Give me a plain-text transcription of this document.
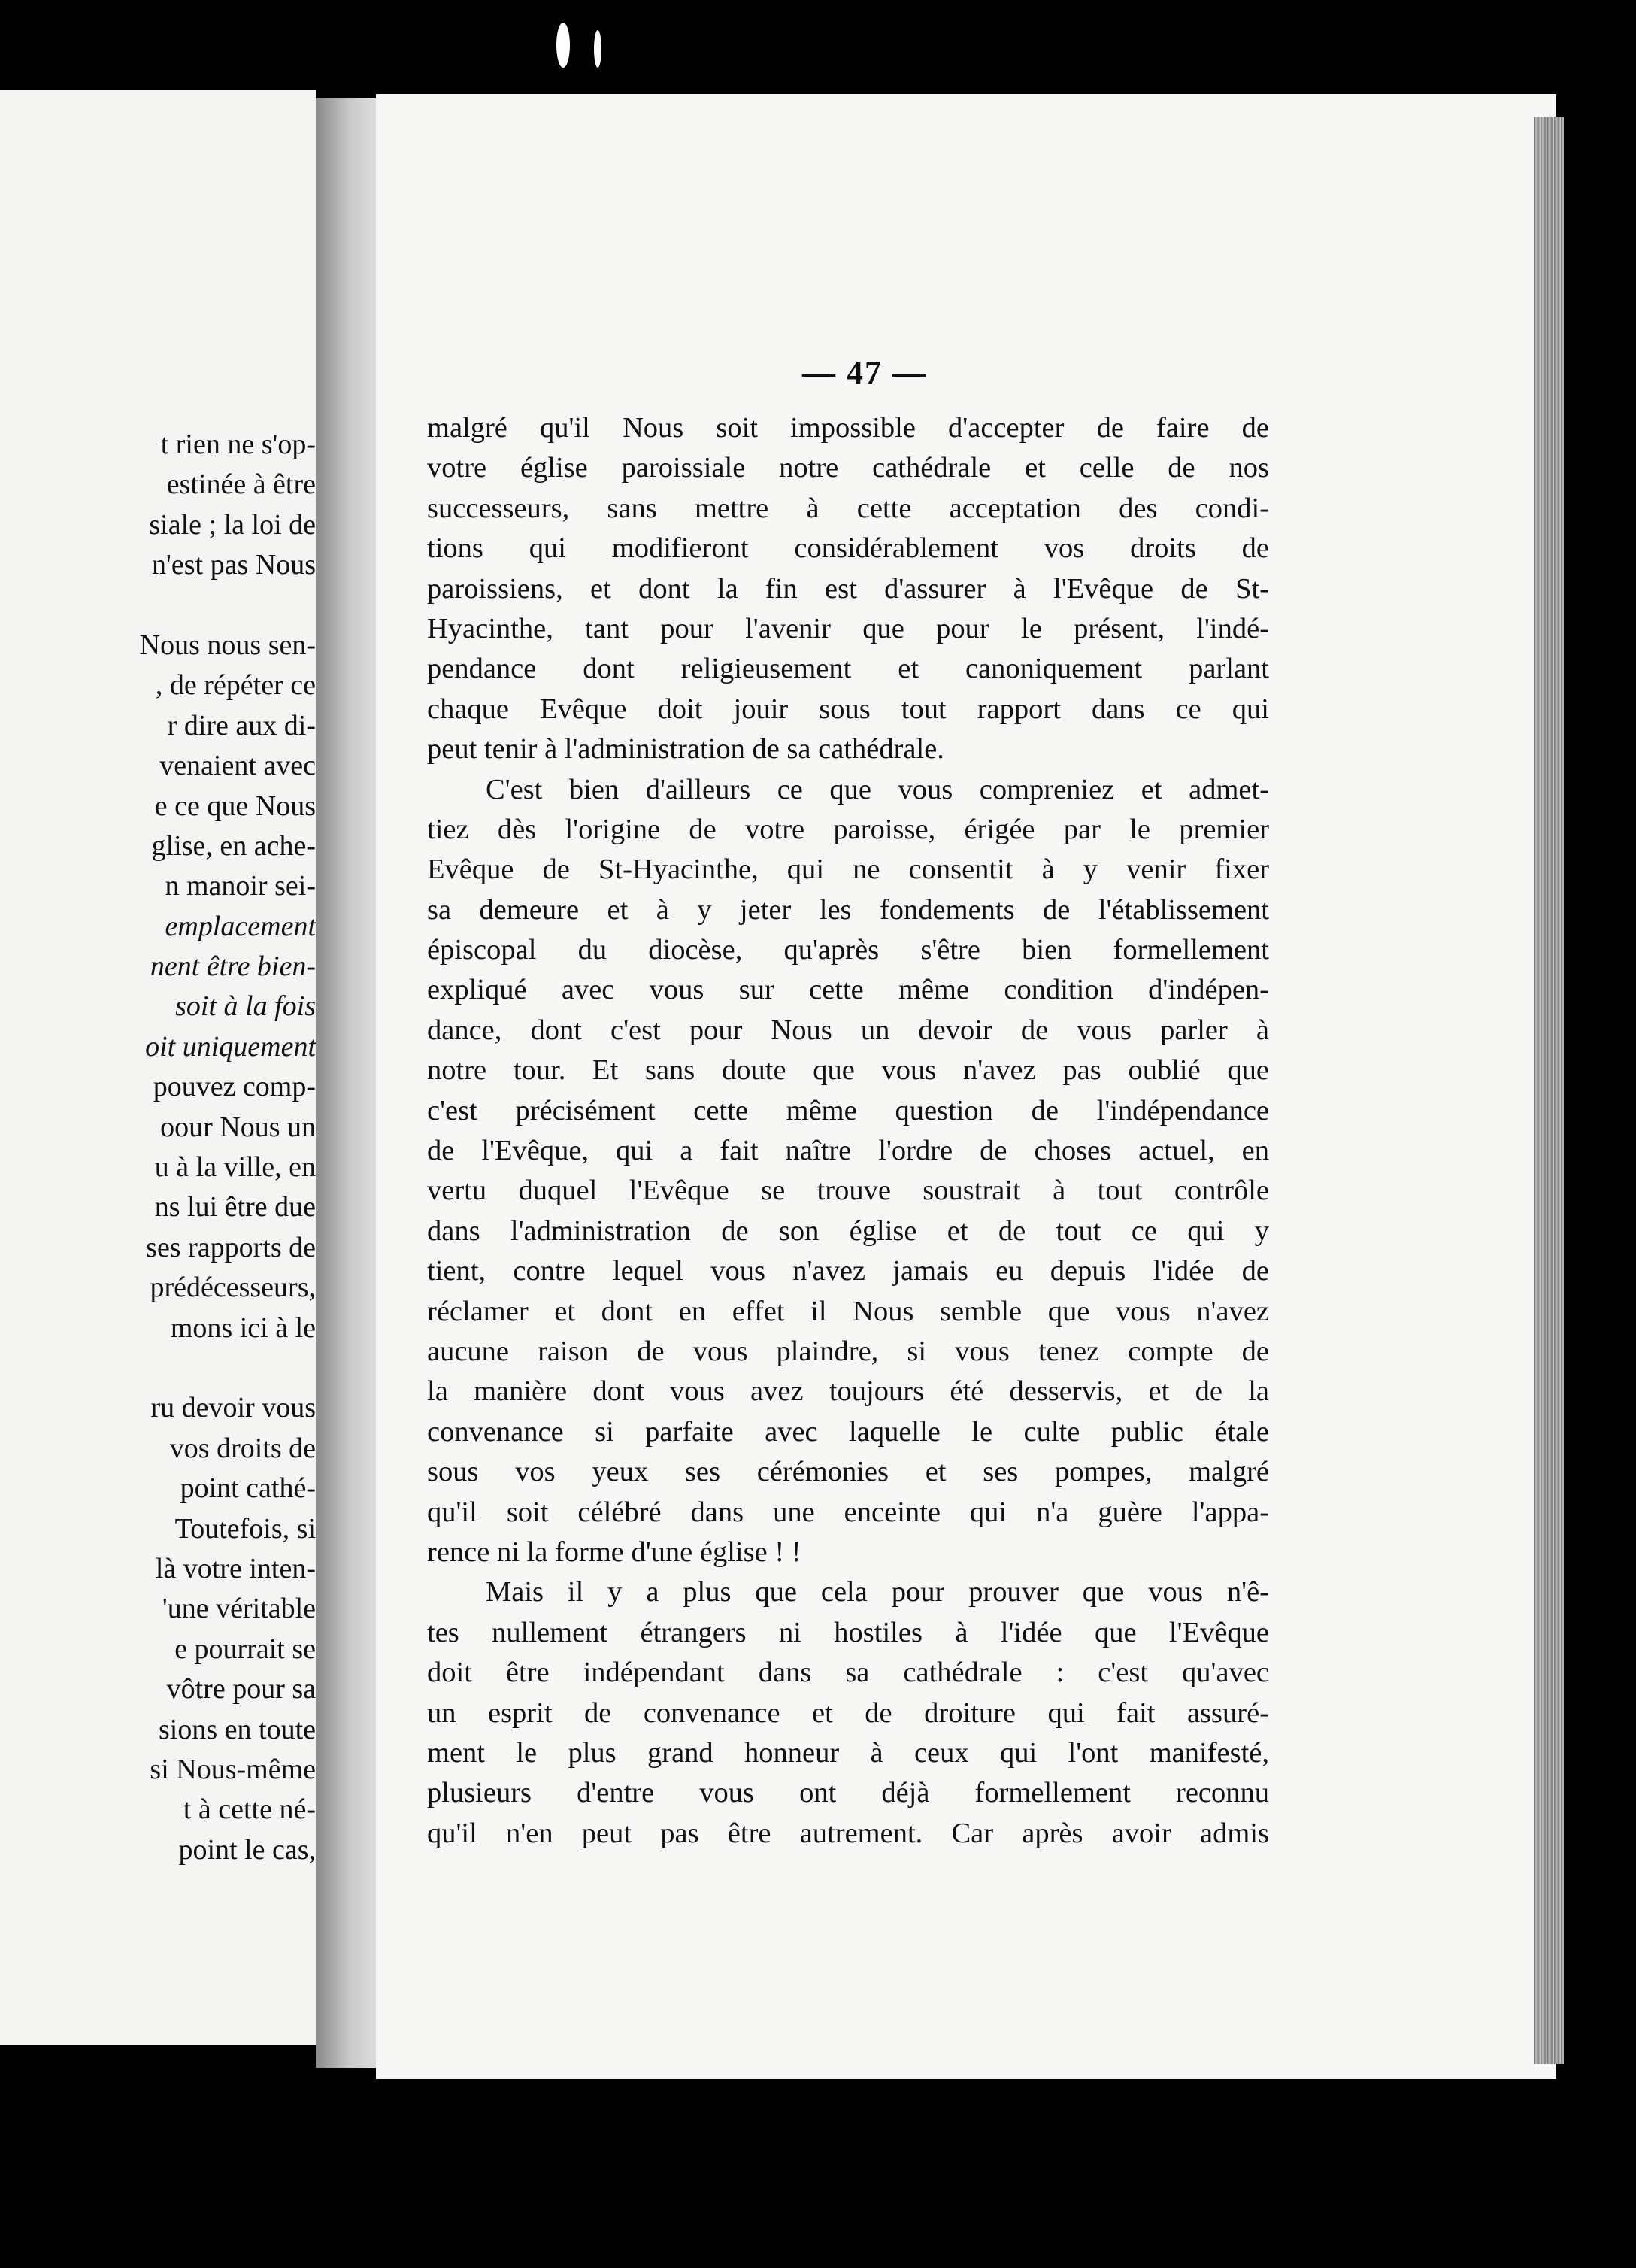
t rien ne s'op-
estinée à être
siale ; la loi de
n'est pas Nous
Nous nous sen-
, de répéter ce
r dire aux di-
venaient avec
e ce que Nous
glise, en ache-
n manoir sei-
emplacement
nent être bien-
soit à la fois
oit uniquement
pouvez comp-
oour Nous un
u à la ville, en
ns lui être due
ses rapports de
prédécesseurs,
mons ici à le
ru devoir vous
vos droits de
point cathé-
Toutefois, si
là votre inten-
'une véritable
e pourrait se
vôtre pour sa
sions en toute
si Nous-même
t à cette né-
point le cas,
— 47 —
malgré qu'il Nous soit impossible d'accepter de faire de
votre église paroissiale notre cathédrale et celle de nos
successeurs, sans mettre à cette acceptation des condi-
tions qui modifieront considérablement vos droits de
paroissiens, et dont la fin est d'assurer à l'Evêque de St-
Hyacinthe, tant pour l'avenir que pour le présent, l'indé-
pendance dont religieusement et canoniquement parlant
chaque Evêque doit jouir sous tout rapport dans ce qui
peut tenir à l'administration de sa cathédrale.
C'est bien d'ailleurs ce que vous compreniez et admet-
tiez dès l'origine de votre paroisse, érigée par le premier
Evêque de St-Hyacinthe, qui ne consentit à y venir fixer
sa demeure et à y jeter les fondements de l'établissement
épiscopal du diocèse, qu'après s'être bien formellement
expliqué avec vous sur cette même condition d'indépen-
dance, dont c'est pour Nous un devoir de vous parler à
notre tour. Et sans doute que vous n'avez pas oublié que
c'est précisément cette même question de l'indépendance
de l'Evêque, qui a fait naître l'ordre de choses actuel, en
vertu duquel l'Evêque se trouve soustrait à tout contrôle
dans l'administration de son église et de tout ce qui y
tient, contre lequel vous n'avez jamais eu depuis l'idée de
réclamer et dont en effet il Nous semble que vous n'avez
aucune raison de vous plaindre, si vous tenez compte de
la manière dont vous avez toujours été desservis, et de la
convenance si parfaite avec laquelle le culte public étale
sous vos yeux ses cérémonies et ses pompes, malgré
qu'il soit célébré dans une enceinte qui n'a guère l'appa-
rence ni la forme d'une église ! !
Mais il y a plus que cela pour prouver que vous n'ê-
tes nullement étrangers ni hostiles à l'idée que l'Evêque
doit être indépendant dans sa cathédrale : c'est qu'avec
un esprit de convenance et de droiture qui fait assuré-
ment le plus grand honneur à ceux qui l'ont manifesté,
plusieurs d'entre vous ont déjà formellement reconnu
qu'il n'en peut pas être autrement. Car après avoir admis
